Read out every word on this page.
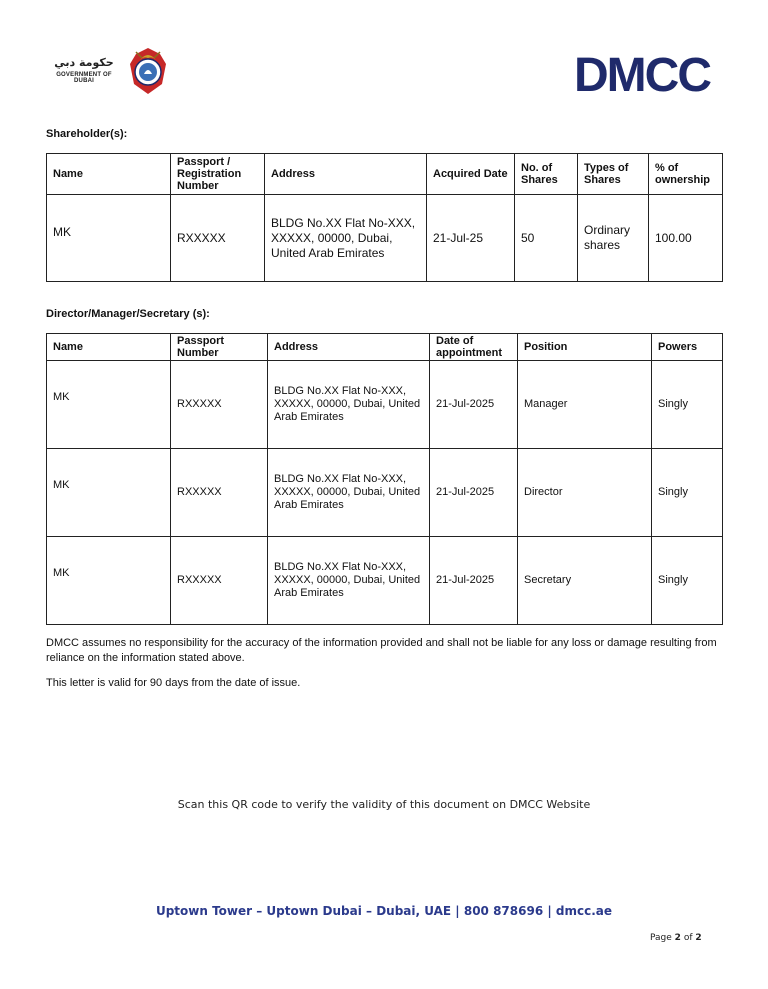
حكومة دبي
GOVERNMENT OF DUBAI	DMCC
Shareholder(s):
Name	Passport / Registration Number	Address	Acquired Date	No. of Shares	Types of Shares	% of ownership
MK	RXXXXX	BLDG No.XX Flat No-XXX, XXXXX, 00000, Dubai, United Arab Emirates	21-Jul-25	50	Ordinary shares	100.00
Director/Manager/Secretary (s):
Name	Passport Number	Address	Date of appointment	Position	Powers
MK	RXXXXX	BLDG No.XX Flat No-XXX, XXXXX, 00000, Dubai, United Arab Emirates	21-Jul-2025	Manager	Singly
MK	RXXXXX	BLDG No.XX Flat No-XXX, XXXXX, 00000, Dubai, United Arab Emirates	21-Jul-2025	Director	Singly
MK	RXXXXX	BLDG No.XX Flat No-XXX, XXXXX, 00000, Dubai, United Arab Emirates	21-Jul-2025	Secretary	Singly
DMCC assumes no responsibility for the accuracy of the information provided and shall not be liable for any loss or damage resulting from reliance on the information stated above.
This letter is valid for 90 days from the date of issue.
Scan this QR code to verify the validity of this document on DMCC Website
Uptown Tower – Uptown Dubai – Dubai, UAE | 800 878696 | dmcc.ae
Page 2 of 2
